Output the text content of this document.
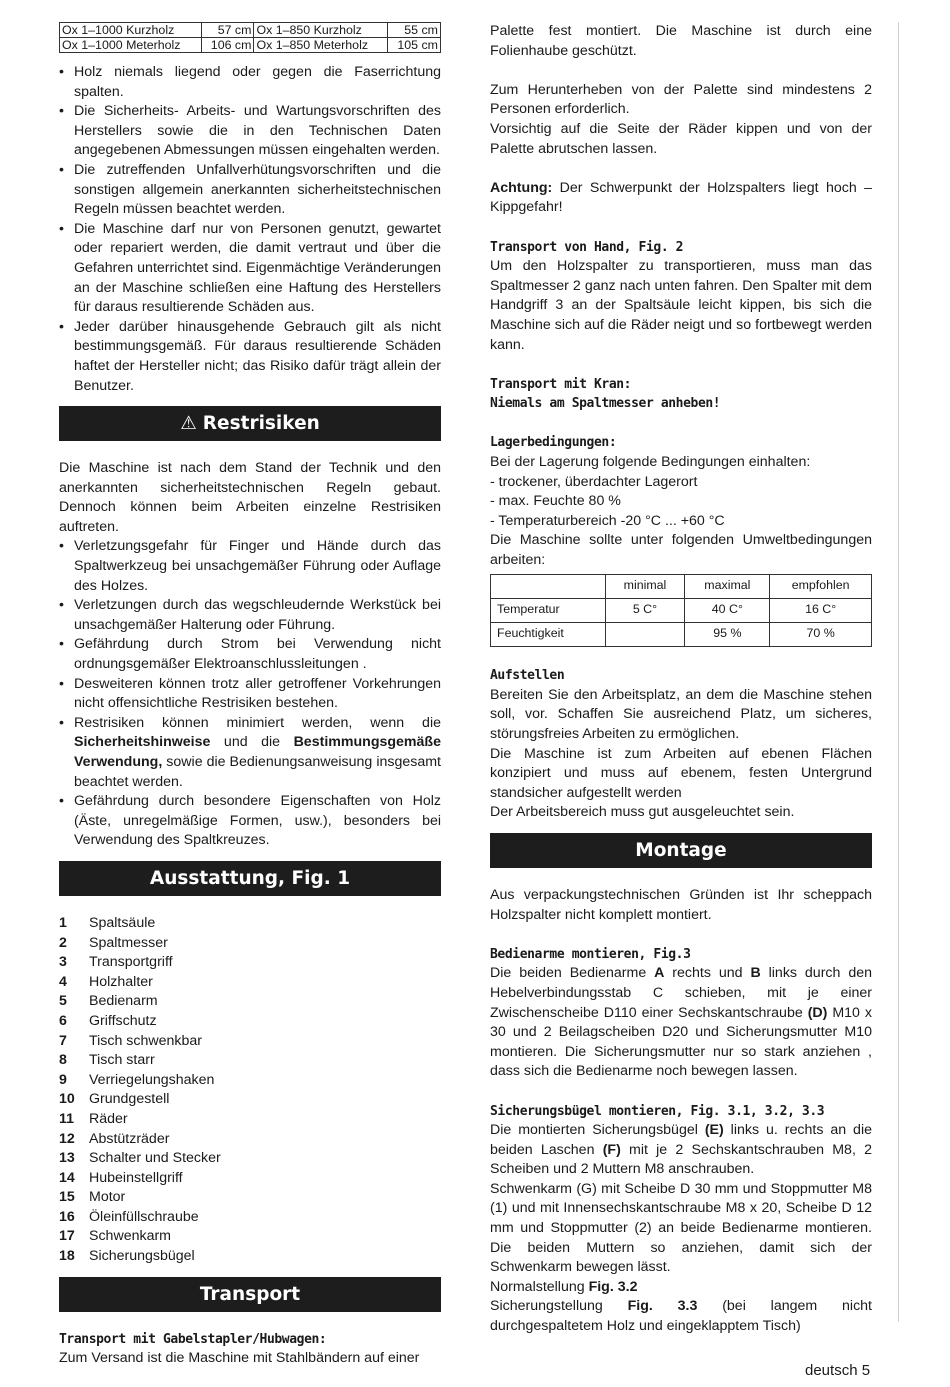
Ox 1–1000 Kurzholz	57 cm	Ox 1–850 Kurzholz	55 cm
Ox 1–1000 Meterholz	106 cm	Ox 1–850 Meterholz	105 cm
• Holz niemals liegend oder gegen die Faserrichtung spalten.
• Die Sicherheits- Arbeits- und Wartungsvorschriften des Herstellers sowie die in den Technischen Daten angegebenen Abmessungen müssen eingehalten werden.
• Die zutreffenden Unfallverhütungsvorschriften und die sonstigen allgemein anerkannten sicherheitstechnischen Regeln müssen beachtet werden.
• Die Maschine darf nur von Personen genutzt, gewartet oder repariert werden, die damit vertraut und über die Gefahren unterrichtet sind. Eigenmächtige Veränderungen an der Maschine schließen eine Haftung des Herstellers für daraus resultierende Schäden aus.
• Jeder darüber hinausgehende Gebrauch gilt als nicht bestimmungsgemäß. Für daraus resultierende Schäden haftet der Hersteller nicht; das Risiko dafür trägt allein der Benutzer.
⚠ Restrisiken

Die Maschine ist nach dem Stand der Technik und den anerkannten sicherheitstechnischen Regeln gebaut. Dennoch können beim Arbeiten einzelne Restrisiken auftreten.

• Verletzungsgefahr für Finger und Hände durch das Spaltwerkzeug bei unsachgemäßer Führung oder Auflage des Holzes.
• Verletzungen durch das wegschleudernde Werkstück bei unsachgemäßer Halterung oder Führung.
• Gefährdung durch Strom bei Verwendung nicht ordnungsgemäßer Elektroanschlussleitungen .
• Desweiteren können trotz aller getroffener Vorkehrungen nicht offensichtliche Restrisiken bestehen.
• Restrisiken können minimiert werden, wenn die Sicherheitshinweise und die Bestimmungsgemäße Verwendung, sowie die Bedienungsanweisung insgesamt beachtet werden.
• Gefährdung durch besondere Eigenschaften von Holz (Äste, unregelmäßige Formen, usw.), besonders bei Verwendung des Spaltkreuzes.
Ausstattung, Fig. 1
1	Spaltsäule
2	Spaltmesser
3	Transportgriff
4	Holzhalter
5	Bedienarm
6	Griffschutz
7	Tisch schwenkbar
8	Tisch starr
9	Verriegelungshaken
10	Grundgestell
11	Räder
12	Abstützräder
13	Schalter und Stecker
14	Hubeinstellgriff
15	Motor
16	Öleinfüllschraube
17	Schwenkarm
18	Sicherungsbügel
Transport
Transport mit Gabelstapler/Hubwagen:

Zum Versand ist die Maschine mit Stahlbändern auf einer

Palette fest montiert. Die Maschine ist durch eine Folienhaube geschützt.

Zum Herunterheben von der Palette sind mindestens 2 Personen erforderlich.

Vorsichtig auf die Seite der Räder kippen und von der Palette abrutschen lassen.

Achtung: Der Schwerpunkt der Holzspalters liegt hoch – Kippgefahr!

Transport von Hand, Fig. 2

Um den Holzspalter zu transportieren, muss man das Spaltmesser 2 ganz nach unten fahren. Den Spalter mit dem Handgriff 3 an der Spaltsäule leicht kippen, bis sich die Maschine sich auf die Räder neigt und so fortbewegt werden kann.

Transport mit Kran:
Niemals am Spaltmesser anheben!
Lagerbedingungen:

Bei der Lagerung folgende Bedingungen einhalten:

- trockener, überdachter Lagerort

- max. Feuchte 80 %

- Temperaturbereich -20 °C ... +60 °C

Die Maschine sollte unter folgenden Umweltbedingungen arbeiten:

	minimal	maximal	empfohlen
Temperatur	5 C°	40 C°	16 C°
Feuchtigkeit		95 %	70 %
Aufstellen

Bereiten Sie den Arbeitsplatz, an dem die Maschine stehen soll, vor. Schaffen Sie ausreichend Platz, um sicheres, störungsfreies Arbeiten zu ermöglichen.

Die Maschine ist zum Arbeiten auf ebenen Flächen konzipiert und muss auf ebenem, festen Untergrund standsicher aufgestellt werden

Der Arbeitsbereich muss gut ausgeleuchtet sein.

Montage

Aus verpackungstechnischen Gründen ist Ihr scheppach Holzspalter nicht komplett montiert.

Bedienarme montieren, Fig.3

Die beiden Bedienarme A rechts und B links durch den Hebelverbindungsstab C schieben, mit je einer Zwischenscheibe D110 einer Sechskantschraube (D) M10 x 30 und 2 Beilagscheiben D20 und Sicherungsmutter M10 montieren. Die Sicherungsmutter nur so stark anziehen , dass sich die Bedienarme noch bewegen lassen.

Sicherungsbügel montieren, Fig. 3.1, 3.2, 3.3

Die montierten Sicherungsbügel (E) links u. rechts an die beiden Laschen (F) mit je 2 Sechskantschrauben M8, 2 Scheiben und 2 Muttern M8 anschrauben.

Schwenkarm (G) mit Scheibe D 30 mm und Stoppmutter M8 (1) und mit Innensechskantschraube M8 x 20, Scheibe D 12 mm und Stoppmutter (2) an beide Bedienarme montieren. Die beiden Muttern so anziehen, damit sich der Schwenkarm bewegen lässt.

Normalstellung Fig. 3.2

Sicherungstellung Fig. 3.3 (bei langem nicht durchgespaltetem Holz und eingeklapptem Tisch)

deutsch 5
